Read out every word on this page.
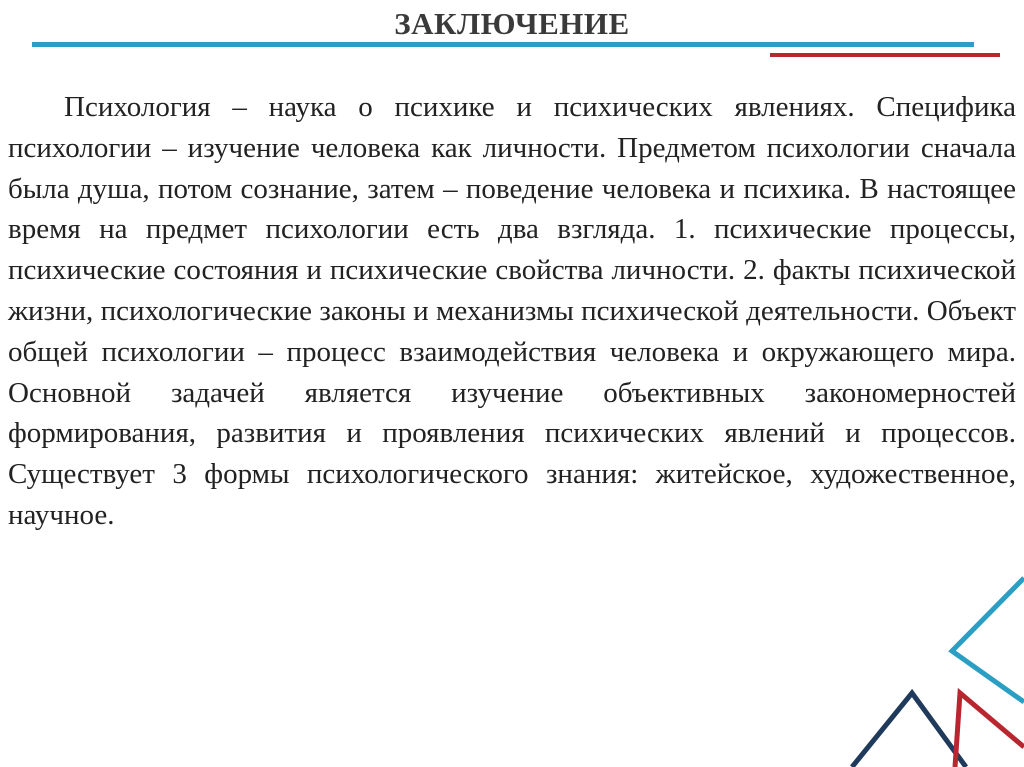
ЗАКЛЮЧЕНИЕ

Психология – наука о психике и психических явлениях. Специфика психологии – изучение человека как личности. Предметом психологии сначала была душа, потом сознание, затем – поведение человека и психика. В настоящее время на предмет психологии есть два взгляда. 1. психические процессы, психические состояния и психические свойства личности. 2. факты психической жизни, психологические законы и механизмы психической деятельности. Объект общей психологии – процесс взаимодействия человека и окружающего мира. Основной задачей является изучение объективных закономерностей формирования, развития и проявления психических явлений и процессов. Существует 3 формы психологического знания: житейское, художественное, научное.
